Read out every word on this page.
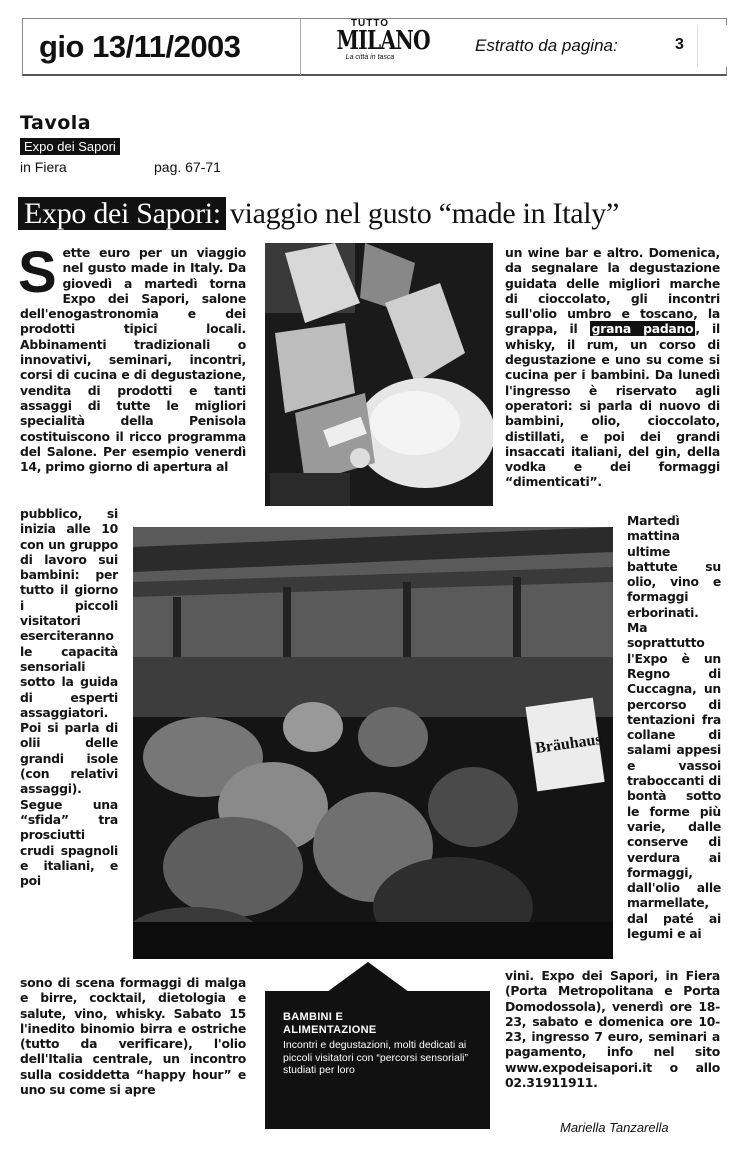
gio 13/11/2003
TUTTO
MILANO
La città in tasca
Estratto da pagina:	3
Tavola
Expo dei Sapori
in Fiera	pag. 67-71
Expo dei Sapori: viaggio nel gusto “made in Italy”
S ette euro per un viaggio nel gusto made in Italy. Da giovedì a martedì torna Expo dei Sapori, salone dell'enogastronomia e dei prodotti tipici locali. Abbinamenti tradizionali o innovativi, seminari, incontri, corsi di cucina e di degustazione, vendita di prodotti e tanti assaggi di tutte le migliori specialità della Penisola costituiscono il ricco programma del Salone. Per esempio venerdì 14, primo giorno di apertura al
pubblico, si inizia alle 10 con un gruppo di lavoro sui bambini: per tutto il giorno i piccoli visitatori eserciteranno le capacità sensoriali sotto la guida di esperti assaggiatori. Poi si parla di olii delle grandi isole (con relativi assaggi). Segue una “sfida” tra prosciutti crudi spagnoli e italiani, e poi
sono di scena formaggi di malga e birre, cocktail, dietologia e salute, vino, whisky. Sabato 15 l'inedito binomio birra e ostriche (tutto da verificare), l'olio dell'Italia centrale, un incontro sulla cosiddetta “happy hour” e uno su come si apre
un wine bar e altro. Domenica, da segnalare la degustazione guidata delle migliori marche di cioccolato, gli incontri sull'olio umbro e toscano, la grappa, il grana padano , il whisky, il rum, un corso di degustazione e uno su come si cucina per i bambini. Da lunedì l'ingresso è riservato agli operatori: si parla di nuovo di bambini, olio, cioccolato, distillati, e poi dei grandi insaccati italiani, del gin, della vodka e dei formaggi “dimenticati”.
Martedì mattina ultime battute su olio, vino e formaggi erborinati. Ma soprattutto l'Expo è un Regno di Cuccagna, un percorso di tentazioni fra collane di salami appesi e vassoi traboccanti di bontà sotto le forme più varie, dalle conserve di verdura ai formaggi, dall'olio alle marmellate, dal paté ai legumi e ai
vini. Expo dei Sapori, in Fiera (Porta Metropolitana e Porta Domodossola), venerdì ore 18-23, sabato e domenica ore 10-23, ingresso 7 euro, seminari a pagamento, info nel sito www.expodeisapori.it o allo 02.31911911.
Mariella Tanzarella
Bräuhaus
BAMBINI E
ALIMENTAZIONE
Incontri e degustazioni, molti dedicati ai piccoli visitatori con “percorsi sensoriali” studiati per loro
